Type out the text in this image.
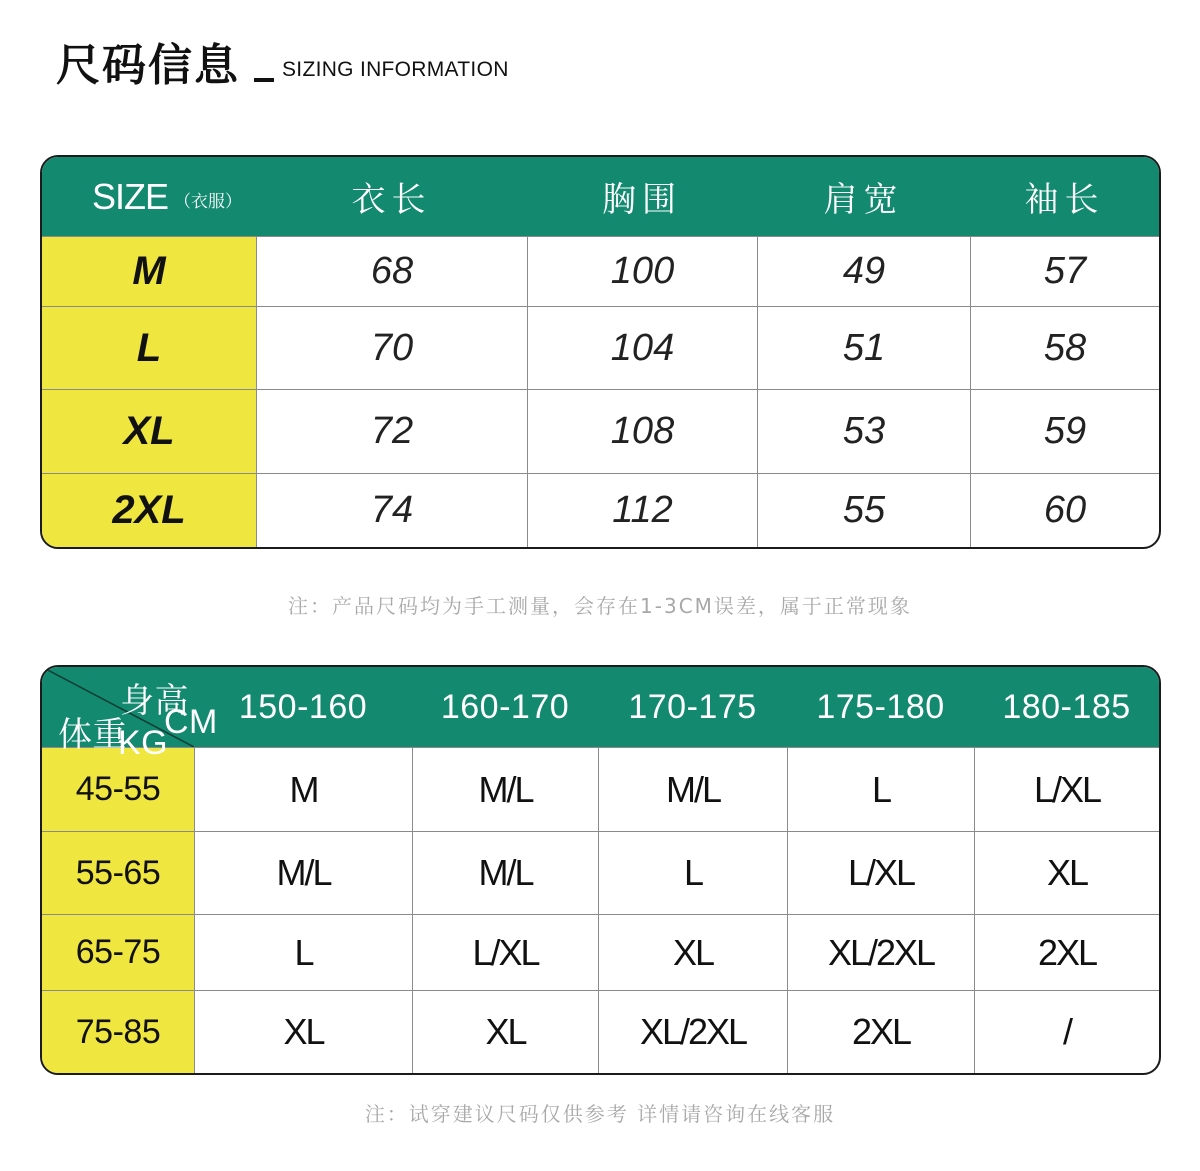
尺码信息 SIZING INFORMATION
SIZE （衣服）	衣长	胸围	肩宽	袖长
M	68	100	49	57
L	70	104	51	58
XL	72	108	53	59
2XL	74	112	55	60
注：产品尺码均为手工测量，会存在1-3CM误差，属于正常现象
身高
CM
体重
KG
150-160 160-170 170-175 175-180 180-185
45-55	M	M/L	M/L	L	L/XL
55-65	M/L	M/L	L	L/XL	XL
65-75	L	L/XL	XL	XL/2XL	2XL
75-85	XL	XL	XL/2XL	2XL	/
注：试穿建议尺码仅供参考 详情请咨询在线客服
